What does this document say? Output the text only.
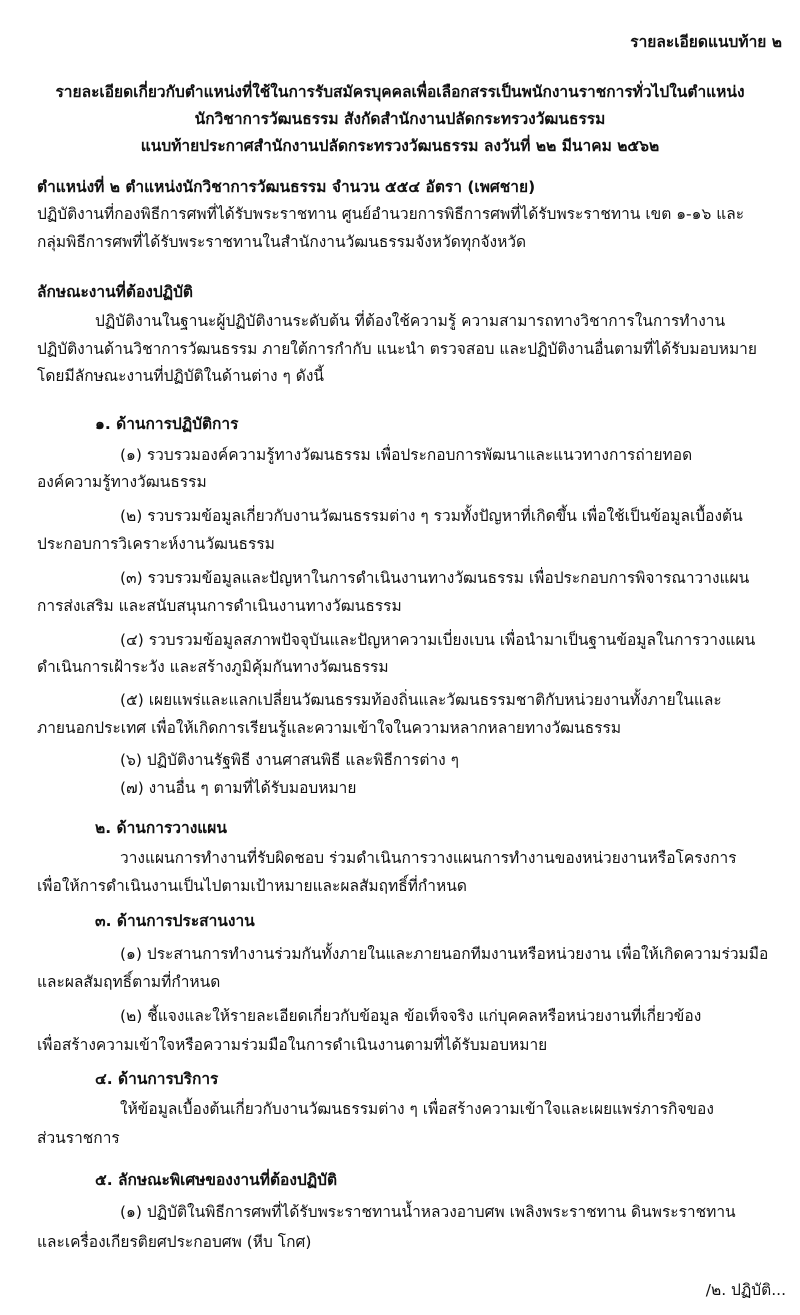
รายละเอียดแนบท้าย ๒
รายละเอียดเกี่ยวกับตำแหน่งที่ใช้ในการรับสมัครบุคคลเพื่อเลือกสรรเป็นพนักงานราชการทั่วไปในตำแหน่ง
นักวิชาการวัฒนธรรม สังกัดสำนักงานปลัดกระทรวงวัฒนธรรม
แนบท้ายประกาศสำนักงานปลัดกระทรวงวัฒนธรรม ลงวันที่ ๒๒ มีนาคม ๒๕๖๒
ตำแหน่งที่ ๒ ตำแหน่งนักวิชาการวัฒนธรรม จำนวน ๕๕๔ อัตรา (เพศชาย)
ปฏิบัติงานที่กองพิธีการศพที่ได้รับพระราชทาน ศูนย์อำนวยการพิธีการศพที่ได้รับพระราชทาน เขต ๑-๑๖ และ
กลุ่มพิธีการศพที่ได้รับพระราชทานในสำนักงานวัฒนธรรมจังหวัดทุกจังหวัด
ลักษณะงานที่ต้องปฏิบัติ
ปฏิบัติงานในฐานะผู้ปฏิบัติงานระดับต้น ที่ต้องใช้ความรู้ ความสามารถทางวิชาการในการทำงาน
ปฏิบัติงานด้านวิชาการวัฒนธรรม ภายใต้การกำกับ แนะนำ ตรวจสอบ และปฏิบัติงานอื่นตามที่ได้รับมอบหมาย
โดยมีลักษณะงานที่ปฏิบัติในด้านต่าง ๆ ดังนี้
๑. ด้านการปฏิบัติการ
(๑) รวบรวมองค์ความรู้ทางวัฒนธรรม เพื่อประกอบการพัฒนาและแนวทางการถ่ายทอด
องค์ความรู้ทางวัฒนธรรม
(๒) รวบรวมข้อมูลเกี่ยวกับงานวัฒนธรรมต่าง ๆ รวมทั้งปัญหาที่เกิดขึ้น เพื่อใช้เป็นข้อมูลเบื้องต้น
ประกอบการวิเคราะห์งานวัฒนธรรม
(๓) รวบรวมข้อมูลและปัญหาในการดำเนินงานทางวัฒนธรรม เพื่อประกอบการพิจารณาวางแผน
การส่งเสริม และสนับสนุนการดำเนินงานทางวัฒนธรรม
(๔) รวบรวมข้อมูลสภาพปัจจุบันและปัญหาความเบี่ยงเบน เพื่อนำมาเป็นฐานข้อมูลในการวางแผน
ดำเนินการเฝ้าระวัง และสร้างภูมิคุ้มกันทางวัฒนธรรม
(๕) เผยแพร่และแลกเปลี่ยนวัฒนธรรมท้องถิ่นและวัฒนธรรมชาติกับหน่วยงานทั้งภายในและ
ภายนอกประเทศ เพื่อให้เกิดการเรียนรู้และความเข้าใจในความหลากหลายทางวัฒนธรรม
(๖) ปฏิบัติงานรัฐพิธี งานศาสนพิธี และพิธีการต่าง ๆ
(๗) งานอื่น ๆ ตามที่ได้รับมอบหมาย
๒. ด้านการวางแผน
วางแผนการทำงานที่รับผิดชอบ ร่วมดำเนินการวางแผนการทำงานของหน่วยงานหรือโครงการ
เพื่อให้การดำเนินงานเป็นไปตามเป้าหมายและผลสัมฤทธิ์ที่กำหนด
๓. ด้านการประสานงาน
(๑) ประสานการทำงานร่วมกันทั้งภายในและภายนอกทีมงานหรือหน่วยงาน เพื่อให้เกิดความร่วมมือ
และผลสัมฤทธิ์ตามที่กำหนด
(๒) ชี้แจงและให้รายละเอียดเกี่ยวกับข้อมูล ข้อเท็จจริง แก่บุคคลหรือหน่วยงานที่เกี่ยวข้อง
เพื่อสร้างความเข้าใจหรือความร่วมมือในการดำเนินงานตามที่ได้รับมอบหมาย
๔. ด้านการบริการ
ให้ข้อมูลเบื้องต้นเกี่ยวกับงานวัฒนธรรมต่าง ๆ เพื่อสร้างความเข้าใจและเผยแพร่ภารกิจของ
ส่วนราชการ
๕. ลักษณะพิเศษของงานที่ต้องปฏิบัติ
(๑) ปฏิบัติในพิธีการศพที่ได้รับพระราชทานน้ำหลวงอาบศพ เพลิงพระราชทาน ดินพระราชทาน
และเครื่องเกียรติยศประกอบศพ (หีบ โกศ)
/๒. ปฏิบัติ...
